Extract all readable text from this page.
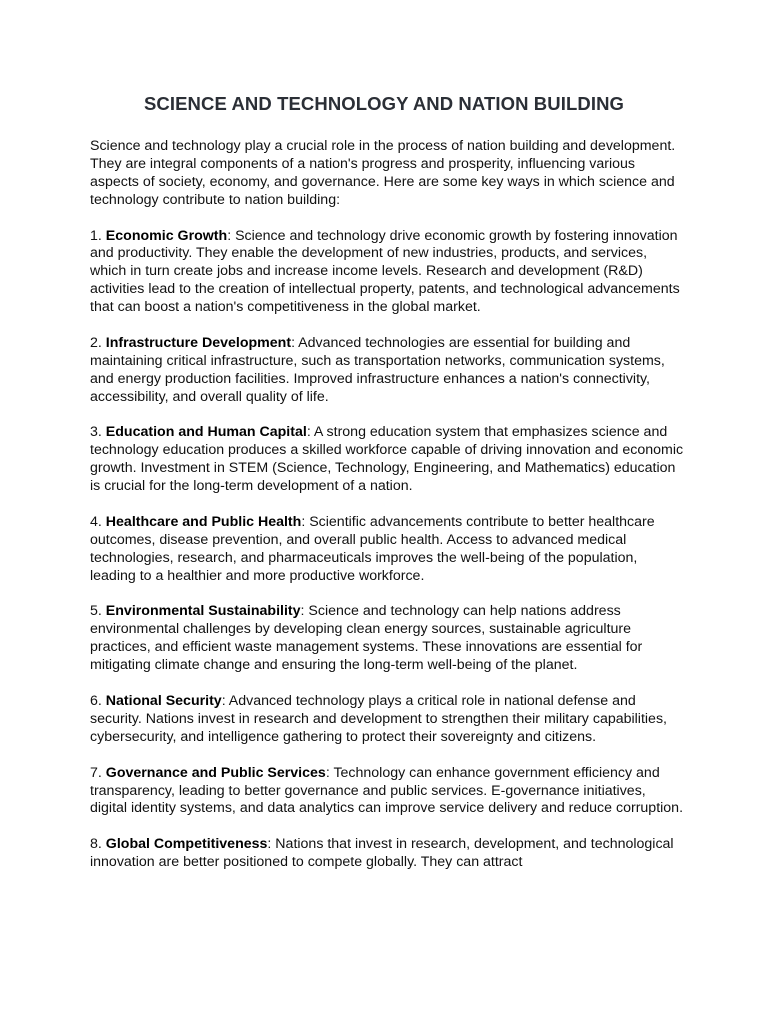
SCIENCE AND TECHNOLOGY AND NATION BUILDING

Science and technology play a crucial role in the process of nation building and development. They are integral components of a nation's progress and prosperity, influencing various aspects of society, economy, and governance. Here are some key ways in which science and technology contribute to nation building:

1. Economic Growth: Science and technology drive economic growth by fostering innovation and productivity. They enable the development of new industries, products, and services, which in turn create jobs and increase income levels. Research and development (R&D) activities lead to the creation of intellectual property, patents, and technological advancements that can boost a nation's competitiveness in the global market.

2. Infrastructure Development: Advanced technologies are essential for building and maintaining critical infrastructure, such as transportation networks, communication systems, and energy production facilities. Improved infrastructure enhances a nation's connectivity, accessibility, and overall quality of life.

3. Education and Human Capital: A strong education system that emphasizes science and technology education produces a skilled workforce capable of driving innovation and economic growth. Investment in STEM (Science, Technology, Engineering, and Mathematics) education is crucial for the long-term development of a nation.

4. Healthcare and Public Health: Scientific advancements contribute to better healthcare outcomes, disease prevention, and overall public health. Access to advanced medical technologies, research, and pharmaceuticals improves the well-being of the population, leading to a healthier and more productive workforce.

5. Environmental Sustainability: Science and technology can help nations address environmental challenges by developing clean energy sources, sustainable agriculture practices, and efficient waste management systems. These innovations are essential for mitigating climate change and ensuring the long-term well-being of the planet.

6. National Security: Advanced technology plays a critical role in national defense and security. Nations invest in research and development to strengthen their military capabilities, cybersecurity, and intelligence gathering to protect their sovereignty and citizens.

7. Governance and Public Services: Technology can enhance government efficiency and transparency, leading to better governance and public services. E-governance initiatives, digital identity systems, and data analytics can improve service delivery and reduce corruption.

8. Global Competitiveness: Nations that invest in research, development, and technological innovation are better positioned to compete globally. They can attract
